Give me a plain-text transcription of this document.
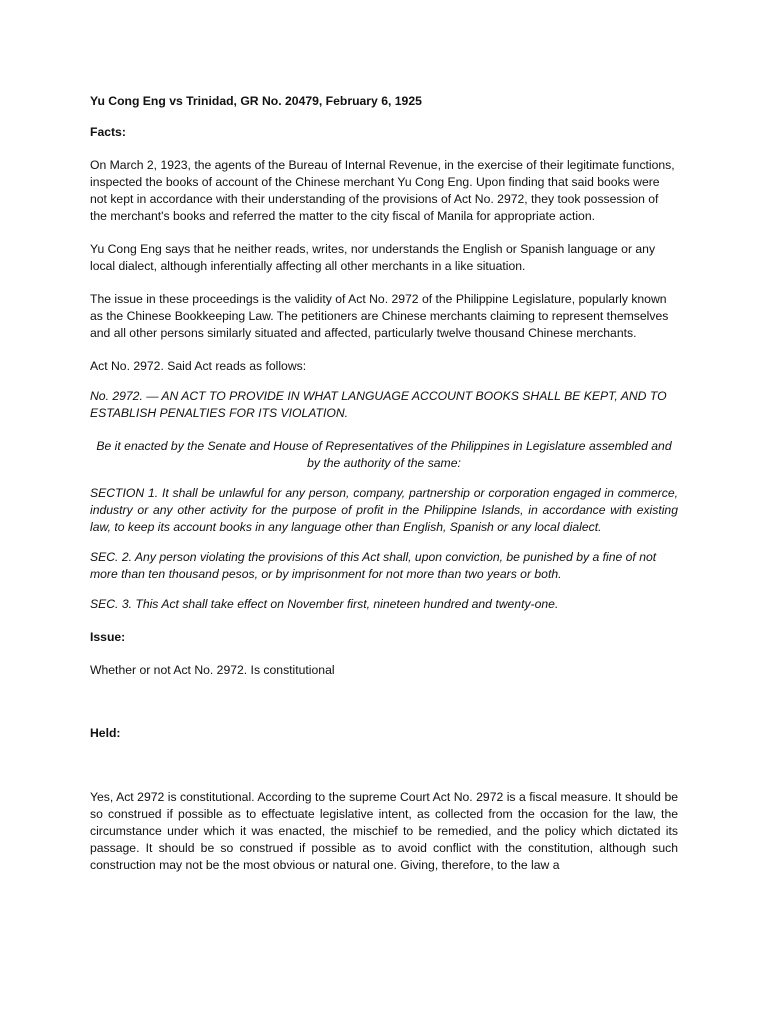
Yu Cong Eng vs Trinidad, GR No. 20479, February 6, 1925

Facts:

On March 2, 1923, the agents of the Bureau of Internal Revenue, in the exercise of their legitimate functions, inspected the books of account of the Chinese merchant Yu Cong Eng. Upon finding that said books were not kept in accordance with their understanding of the provisions of Act No. 2972, they took possession of the merchant's books and referred the matter to the city fiscal of Manila for appropriate action.

Yu Cong Eng says that he neither reads, writes, nor understands the English or Spanish language or any local dialect, although inferentially affecting all other merchants in a like situation.

The issue in these proceedings is the validity of Act No. 2972 of the Philippine Legislature, popularly known as the Chinese Bookkeeping Law. The petitioners are Chinese merchants claiming to represent themselves and all other persons similarly situated and affected, particularly twelve thousand Chinese merchants.

Act No. 2972. Said Act reads as follows:

No. 2972. — AN ACT TO PROVIDE IN WHAT LANGUAGE ACCOUNT BOOKS SHALL BE KEPT, AND TO ESTABLISH PENALTIES FOR ITS VIOLATION.

Be it enacted by the Senate and House of Representatives of the Philippines in Legislature assembled and by the authority of the same:

SECTION 1. It shall be unlawful for any person, company, partnership or corporation engaged in commerce, industry or any other activity for the purpose of profit in the Philippine Islands, in accordance with existing law, to keep its account books in any language other than English, Spanish or any local dialect.

SEC. 2. Any person violating the provisions of this Act shall, upon conviction, be punished by a fine of not more than ten thousand pesos, or by imprisonment for not more than two years or both.

SEC. 3. This Act shall take effect on November first, nineteen hundred and twenty-one.

Issue:

Whether or not Act No. 2972. Is constitutional

Held:

Yes, Act 2972 is constitutional. According to the supreme Court Act No. 2972 is a fiscal measure. It should be so construed if possible as to effectuate legislative intent, as collected from the occasion for the law, the circumstance under which it was enacted, the mischief to be remedied, and the policy which dictated its passage. It should be so construed if possible as to avoid conflict with the constitution, although such construction may not be the most obvious or natural one. Giving, therefore, to the law a
